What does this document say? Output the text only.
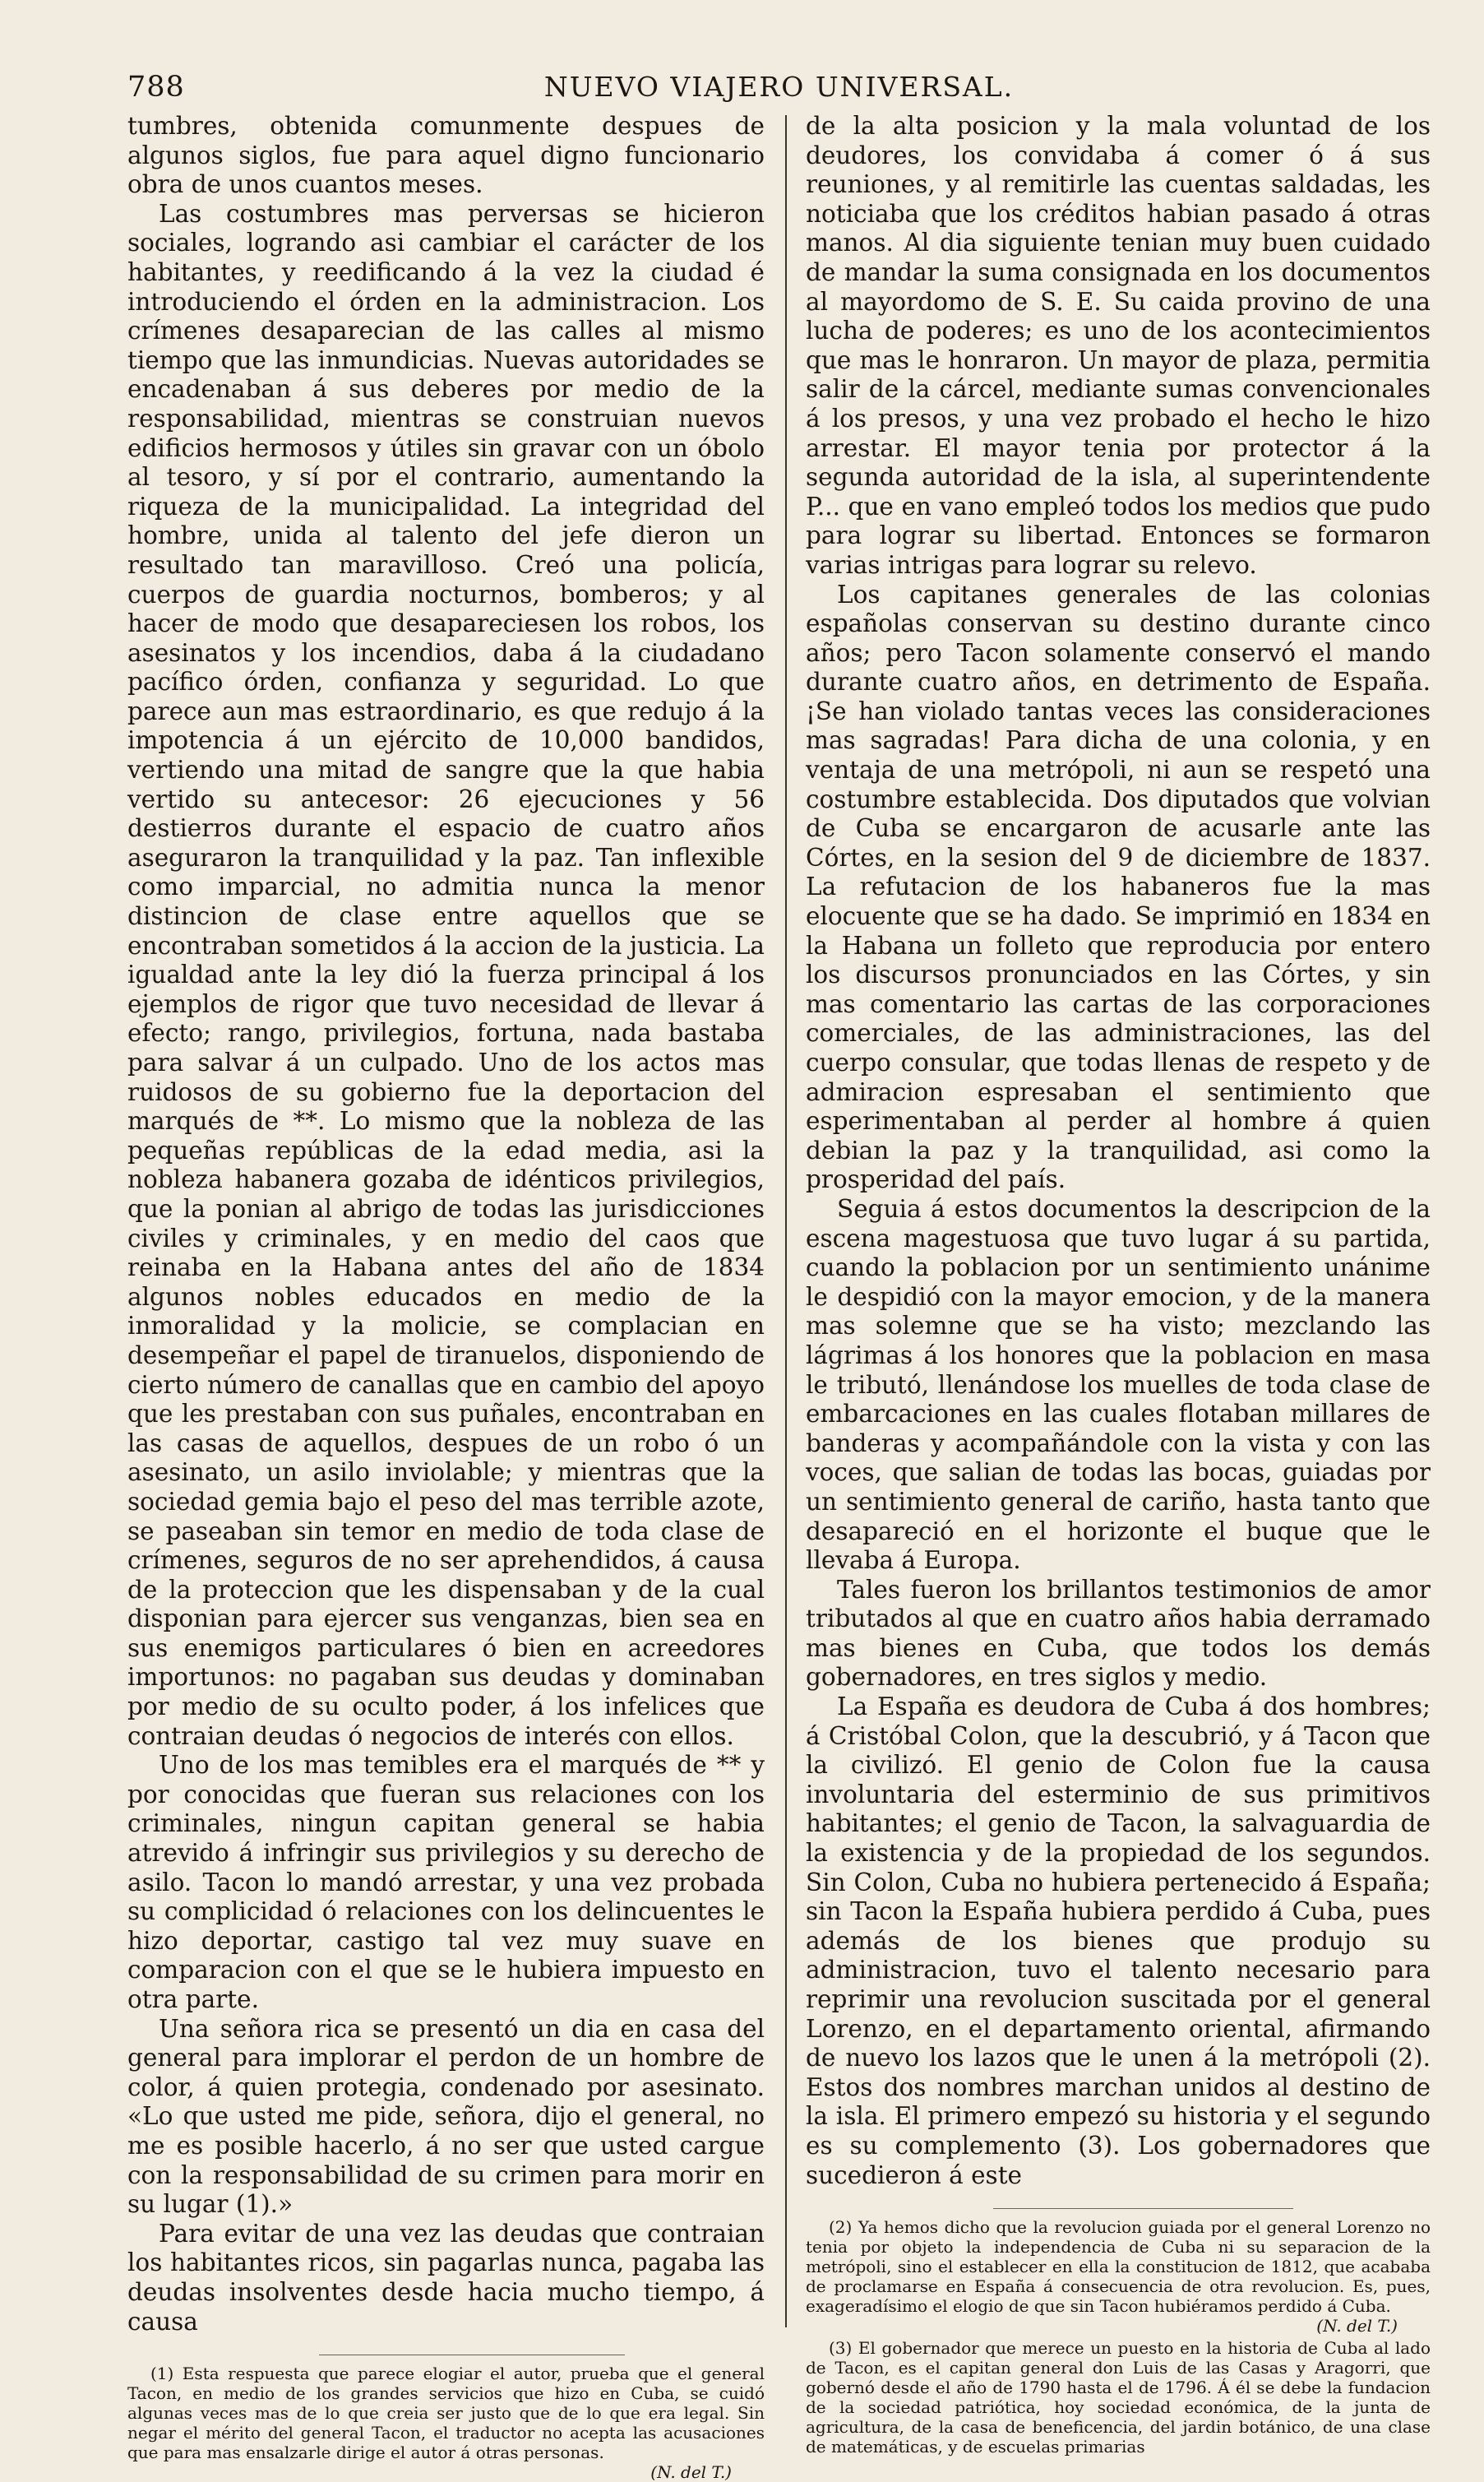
788	NUEVO VIAJERO UNIVERSAL.

tumbres, obtenida comunmente despues de algunos siglos, fue para aquel digno funcionario obra de unos cuantos meses.

Las costumbres mas perversas se hicieron sociales, logrando asi cambiar el carácter de los habitantes, y reedificando á la vez la ciudad é introduciendo el órden en la administracion. Los crímenes desaparecian de las calles al mismo tiempo que las inmundicias. Nuevas autoridades se encadenaban á sus deberes por medio de la responsabilidad, mientras se construian nuevos edificios hermosos y útiles sin gravar con un óbolo al tesoro, y sí por el contrario, aumentando la riqueza de la municipalidad. La integridad del hombre, unida al talento del jefe dieron un resultado tan maravilloso. Creó una policía, cuerpos de guardia nocturnos, bomberos; y al hacer de modo que desapareciesen los robos, los asesinatos y los incendios, daba á la ciudadano pacífico órden, confianza y seguridad. Lo que parece aun mas estraordinario, es que redujo á la impotencia á un ejército de 10,000 bandidos, vertiendo una mitad de sangre que la que habia vertido su antecesor: 26 ejecuciones y 56 destierros durante el espacio de cuatro años aseguraron la tranquilidad y la paz. Tan inflexible como imparcial, no admitia nunca la menor distincion de clase entre aquellos que se encontraban sometidos á la accion de la justicia. La igualdad ante la ley dió la fuerza principal á los ejemplos de rigor que tuvo necesidad de llevar á efecto; rango, privilegios, fortuna, nada bastaba para salvar á un culpado. Uno de los actos mas ruidosos de su gobierno fue la deportacion del marqués de **. Lo mismo que la nobleza de las pequeñas repúblicas de la edad media, asi la nobleza habanera gozaba de idénticos privilegios, que la ponian al abrigo de todas las jurisdicciones civiles y criminales, y en medio del caos que reinaba en la Habana antes del año de 1834 algunos nobles educados en medio de la inmoralidad y la molicie, se complacian en desempeñar el papel de tiranuelos, disponiendo de cierto número de canallas que en cambio del apoyo que les prestaban con sus puñales, encontraban en las casas de aquellos, despues de un robo ó un asesinato, un asilo inviolable; y mientras que la sociedad gemia bajo el peso del mas terrible azote, se paseaban sin temor en medio de toda clase de crímenes, seguros de no ser aprehendidos, á causa de la proteccion que les dispensaban y de la cual disponian para ejercer sus venganzas, bien sea en sus enemigos particulares ó bien en acreedores importunos: no pagaban sus deudas y dominaban por medio de su oculto poder, á los infelices que contraian deudas ó negocios de interés con ellos.

Uno de los mas temibles era el marqués de ** y por conocidas que fueran sus relaciones con los criminales, ningun capitan general se habia atrevido á infringir sus privilegios y su derecho de asilo. Tacon lo mandó arrestar, y una vez probada su complicidad ó relaciones con los delincuentes le hizo deportar, castigo tal vez muy suave en comparacion con el que se le hubiera impuesto en otra parte.

Una señora rica se presentó un dia en casa del general para implorar el perdon de un hombre de color, á quien protegia, condenado por asesinato. «Lo que usted me pide, señora, dijo el general, no me es posible hacerlo, á no ser que usted cargue con la responsabilidad de su crimen para morir en su lugar (1).»

Para evitar de una vez las deudas que contraian los habitantes ricos, sin pagarlas nunca, pagaba las deudas insolventes desde hacia mucho tiempo, á causa

(1) Esta respuesta que parece elogiar el autor, prueba que el general Tacon, en medio de los grandes servicios que hizo en Cuba, se cuidó algunas veces mas de lo que creia ser justo que de lo que era legal. Sin negar el mérito del general Tacon, el traductor no acepta las acusaciones que para mas ensalzarle dirige el autor á otras personas.
(N. del T.)

de la alta posicion y la mala voluntad de los deudores, los convidaba á comer ó á sus reuniones, y al remitirle las cuentas saldadas, les noticiaba que los créditos habian pasado á otras manos. Al dia siguiente tenian muy buen cuidado de mandar la suma consignada en los documentos al mayordomo de S. E. Su caida provino de una lucha de poderes; es uno de los acontecimientos que mas le honraron. Un mayor de plaza, permitia salir de la cárcel, mediante sumas convencionales á los presos, y una vez probado el hecho le hizo arrestar. El mayor tenia por protector á la segunda autoridad de la isla, al superintendente P... que en vano empleó todos los medios que pudo para lograr su libertad. Entonces se formaron varias intrigas para lograr su relevo.

Los capitanes generales de las colonias españolas conservan su destino durante cinco años; pero Tacon solamente conservó el mando durante cuatro años, en detrimento de España. ¡Se han violado tantas veces las consideraciones mas sagradas! Para dicha de una colonia, y en ventaja de una metrópoli, ni aun se respetó una costumbre establecida. Dos diputados que volvian de Cuba se encargaron de acusarle ante las Córtes, en la sesion del 9 de diciembre de 1837. La refutacion de los habaneros fue la mas elocuente que se ha dado. Se imprimió en 1834 en la Habana un folleto que reproducia por entero los discursos pronunciados en las Córtes, y sin mas comentario las cartas de las corporaciones comerciales, de las administraciones, las del cuerpo consular, que todas llenas de respeto y de admiracion espresaban el sentimiento que esperimentaban al perder al hombre á quien debian la paz y la tranquilidad, asi como la prosperidad del país.

Seguia á estos documentos la descripcion de la escena magestuosa que tuvo lugar á su partida, cuando la poblacion por un sentimiento unánime le despidió con la mayor emocion, y de la manera mas solemne que se ha visto; mezclando las lágrimas á los honores que la poblacion en masa le tributó, llenándose los muelles de toda clase de embarcaciones en las cuales flotaban millares de banderas y acompañándole con la vista y con las voces, que salian de todas las bocas, guiadas por un sentimiento general de cariño, hasta tanto que desapareció en el horizonte el buque que le llevaba á Europa.

Tales fueron los brillantos testimonios de amor tributados al que en cuatro años habia derramado mas bienes en Cuba, que todos los demás gobernadores, en tres siglos y medio.

La España es deudora de Cuba á dos hombres; á Cristóbal Colon, que la descubrió, y á Tacon que la civilizó. El genio de Colon fue la causa involuntaria del esterminio de sus primitivos habitantes; el genio de Tacon, la salvaguardia de la existencia y de la propiedad de los segundos. Sin Colon, Cuba no hubiera pertenecido á España; sin Tacon la España hubiera perdido á Cuba, pues además de los bienes que produjo su administracion, tuvo el talento necesario para reprimir una revolucion suscitada por el general Lorenzo, en el departamento oriental, afirmando de nuevo los lazos que le unen á la metrópoli (2). Estos dos nombres marchan unidos al destino de la isla. El primero empezó su historia y el segundo es su complemento (3). Los gobernadores que sucedieron á este

(2) Ya hemos dicho que la revolucion guiada por el general Lorenzo no tenia por objeto la independencia de Cuba ni su separacion de la metrópoli, sino el establecer en ella la constitucion de 1812, que acababa de proclamarse en España á consecuencia de otra revolucion. Es, pues, exageradísimo el elogio de que sin Tacon hubiéramos perdido á Cuba.
(N. del T.)

(3) El gobernador que merece un puesto en la historia de Cuba al lado de Tacon, es el capitan general don Luis de las Casas y Aragorri, que gobernó desde el año de 1790 hasta el de 1796. Á él se debe la fundacion de la sociedad patriótica, hoy sociedad económica, de la junta de agricultura, de la casa de beneficencia, del jardin botánico, de una clase de matemáticas, y de escuelas primarias
